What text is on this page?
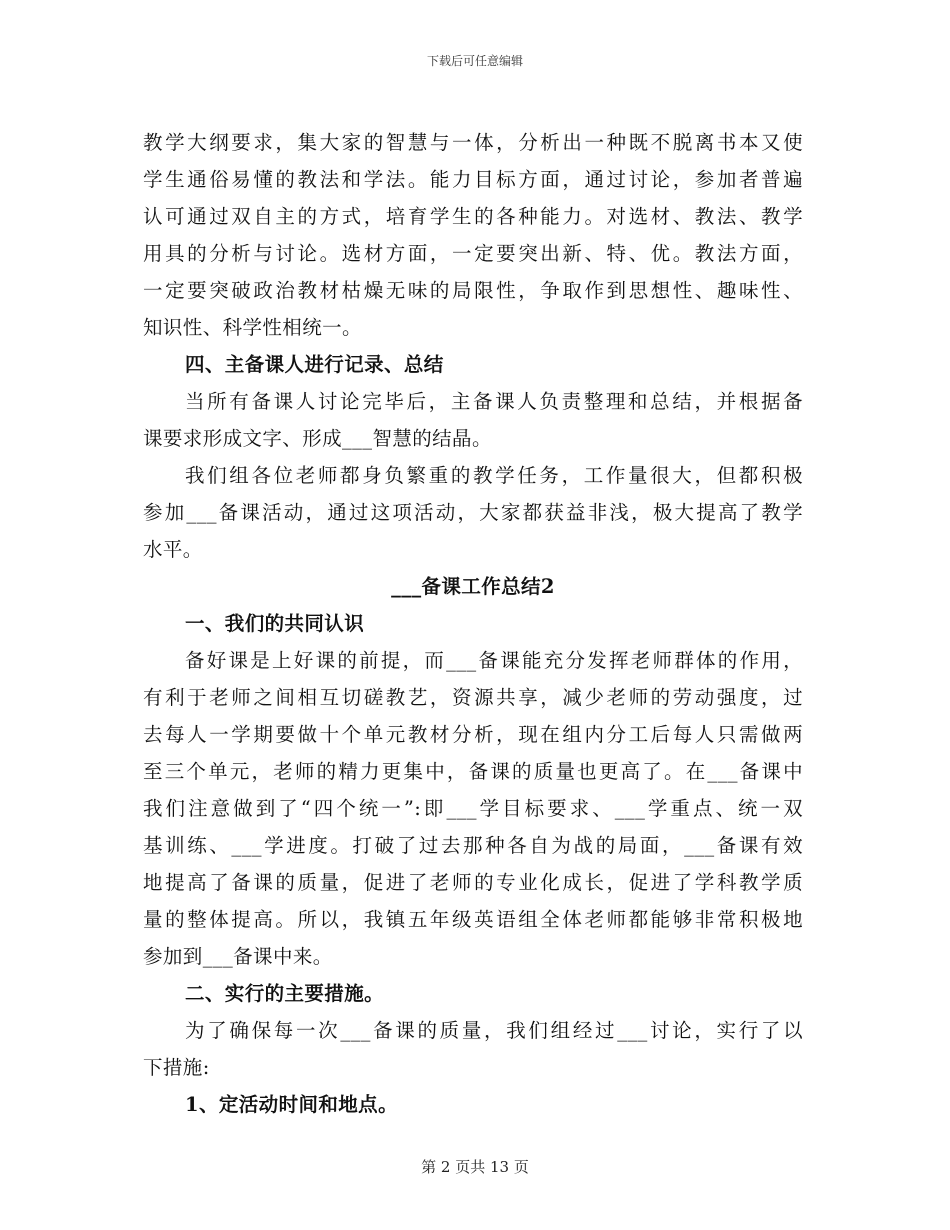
下载后可任意编辑
教学大纲要求，集大家的智慧与一体，分析出一种既不脱离书本又使
学生通俗易懂的教法和学法。能力目标方面，通过讨论，参加者普遍
认可通过双自主的方式，培育学生的各种能力。对选材、教法、教学
用具的分析与讨论。选材方面，一定要突出新、特、优。教法方面，
一定要突破政治教材枯燥无味的局限性，争取作到思想性、趣味性、
知识性、科学性相统一。
四、主备课人进行记录、总结
当所有备课人讨论完毕后，主备课人负责整理和总结，并根据备
课要求形成文字、形成___智慧的结晶。
我们组各位老师都身负繁重的教学任务，工作量很大，但都积极
参加___备课活动，通过这项活动，大家都获益非浅，极大提高了教学
水平。
___备课工作总结2
一、我们的共同认识
备好课是上好课的前提，而___备课能充分发挥老师群体的作用，
有利于老师之间相互切磋教艺，资源共享，减少老师的劳动强度，过
去每人一学期要做十个单元教材分析，现在组内分工后每人只需做两
至三个单元，老师的精力更集中，备课的质量也更高了。在___备课中
我们注意做到了“四个统一”:即___学目标要求、___学重点、统一双
基训练、___学进度。打破了过去那种各自为战的局面，___备课有效
地提高了备课的质量，促进了老师的专业化成长，促进了学科教学质
量的整体提高。所以，我镇五年级英语组全体老师都能够非常积极地
参加到___备课中来。
二、实行的主要措施。
为了确保每一次___备课的质量，我们组经过___讨论，实行了以
下措施:
1、定活动时间和地点。
第 2 页共 13 页
